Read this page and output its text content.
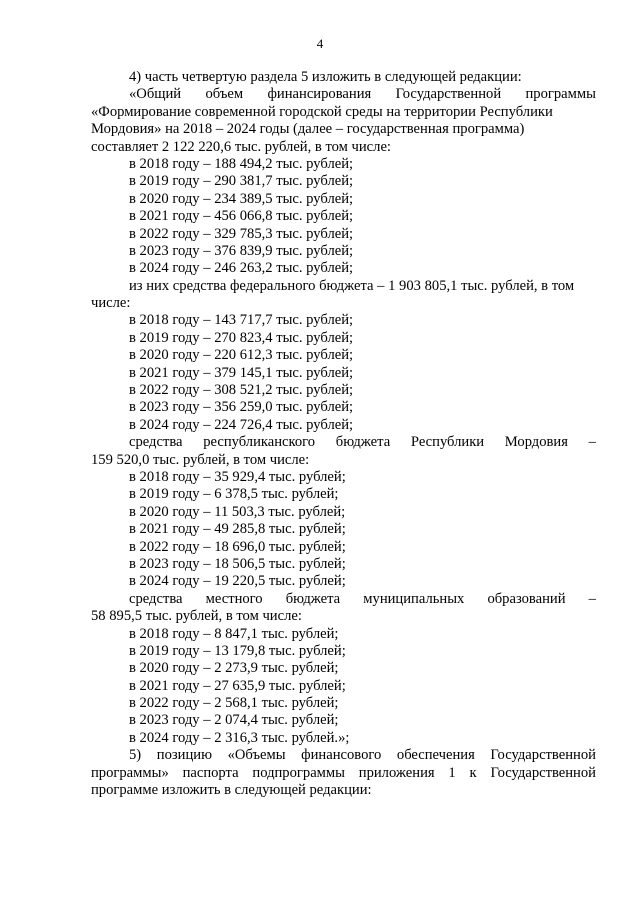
4
4) часть четвертую раздела 5 изложить в следующей редакции:
«Общий объем финансирования Государственной программы
«Формирование современной городской среды на территории Республики
Мордовия» на 2018 – 2024 годы (далее – государственная программа)
составляет 2 122 220,6 тыс. рублей, в том числе:
в 2018 году – 188 494,2 тыс. рублей;
в 2019 году – 290 381,7 тыс. рублей;
в 2020 году – 234 389,5 тыс. рублей;
в 2021 году – 456 066,8 тыс. рублей;
в 2022 году – 329 785,3 тыс. рублей;
в 2023 году – 376 839,9 тыс. рублей;
в 2024 году – 246 263,2 тыс. рублей;
из них средства федерального бюджета – 1 903 805,1 тыс. рублей, в том
числе:
в 2018 году – 143 717,7 тыс. рублей;
в 2019 году – 270 823,4 тыс. рублей;
в 2020 году – 220 612,3 тыс. рублей;
в 2021 году – 379 145,1 тыс. рублей;
в 2022 году – 308 521,2 тыс. рублей;
в 2023 году – 356 259,0 тыс. рублей;
в 2024 году – 224 726,4 тыс. рублей;
средства республиканского бюджета Республики Мордовия –
159 520,0 тыс. рублей, в том числе:
в 2018 году – 35 929,4 тыс. рублей;
в 2019 году – 6 378,5 тыс. рублей;
в 2020 году – 11 503,3 тыс. рублей;
в 2021 году – 49 285,8 тыс. рублей;
в 2022 году – 18 696,0 тыс. рублей;
в 2023 году – 18 506,5 тыс. рублей;
в 2024 году – 19 220,5 тыс. рублей;
средства местного бюджета муниципальных образований –
58 895,5 тыс. рублей, в том числе:
в 2018 году – 8 847,1 тыс. рублей;
в 2019 году – 13 179,8 тыс. рублей;
в 2020 году – 2 273,9 тыс. рублей;
в 2021 году – 27 635,9 тыс. рублей;
в 2022 году – 2 568,1 тыс. рублей;
в 2023 году – 2 074,4 тыс. рублей;
в 2024 году – 2 316,3 тыс. рублей.»;
5) позицию «Объемы финансового обеспечения Государственной
программы» паспорта подпрограммы приложения 1 к Государственной
программе изложить в следующей редакции:
